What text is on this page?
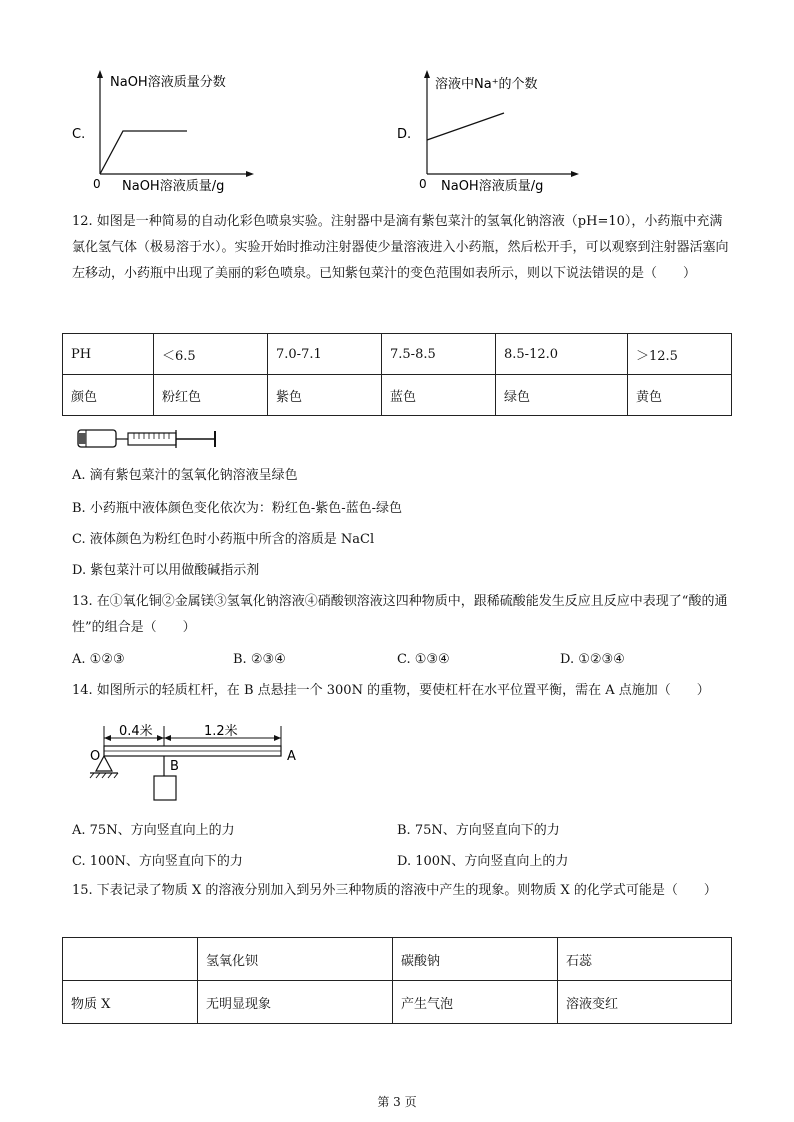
C.
NaOH溶液质量分数
0 NaOH溶液质量/g
D.
溶液中Na⁺的个数
0 NaOH溶液质量/g
12. 如图是一种简易的自动化彩色喷泉实验。注射器中是滴有紫包菜汁的氢氧化钠溶液（pH=10），小药瓶中充满氯化氢气体（极易溶于水）。实验开始时推动注射器使少量溶液进入小药瓶，然后松开手，可以观察到注射器活塞向左移动，小药瓶中出现了美丽的彩色喷泉。已知紫包菜汁的变色范围如表所示，则以下说法错误的是（　　）
PH	＜6.5	7.0-7.1	7.5-8.5	8.5-12.0	＞12.5
颜色	粉红色	紫色	蓝色	绿色	黄色
A. 滴有紫包菜汁的氢氧化钠溶液呈绿色
B. 小药瓶中液体颜色变化依次为：粉红色-紫色-蓝色-绿色
C. 液体颜色为粉红色时小药瓶中所含的溶质是 NaCl
D. 紫包菜汁可以用做酸碱指示剂
13. 在①氧化铜②金属镁③氢氧化钠溶液④硝酸钡溶液这四种物质中，跟稀硫酸能发生反应且反应中表现了“酸的通性”的组合是（　　）
A. ①②③	B. ②③④	C. ①③④	D. ①②③④
14. 如图所示的轻质杠杆，在 B 点悬挂一个 300N 的重物，要使杠杆在水平位置平衡，需在 A 点施加（　　）
0.4米	1.2米
O	A
B
A. 75N、方向竖直向上的力	B. 75N、方向竖直向下的力
C. 100N、方向竖直向下的力	D. 100N、方向竖直向上的力
15. 下表记录了物质 X 的溶液分别加入到另外三种物质的溶液中产生的现象。则物质 X 的化学式可能是（　　）
	氢氧化钡	碳酸钠	石蕊
物质 X	无明显现象	产生气泡	溶液变红
第 3 页
